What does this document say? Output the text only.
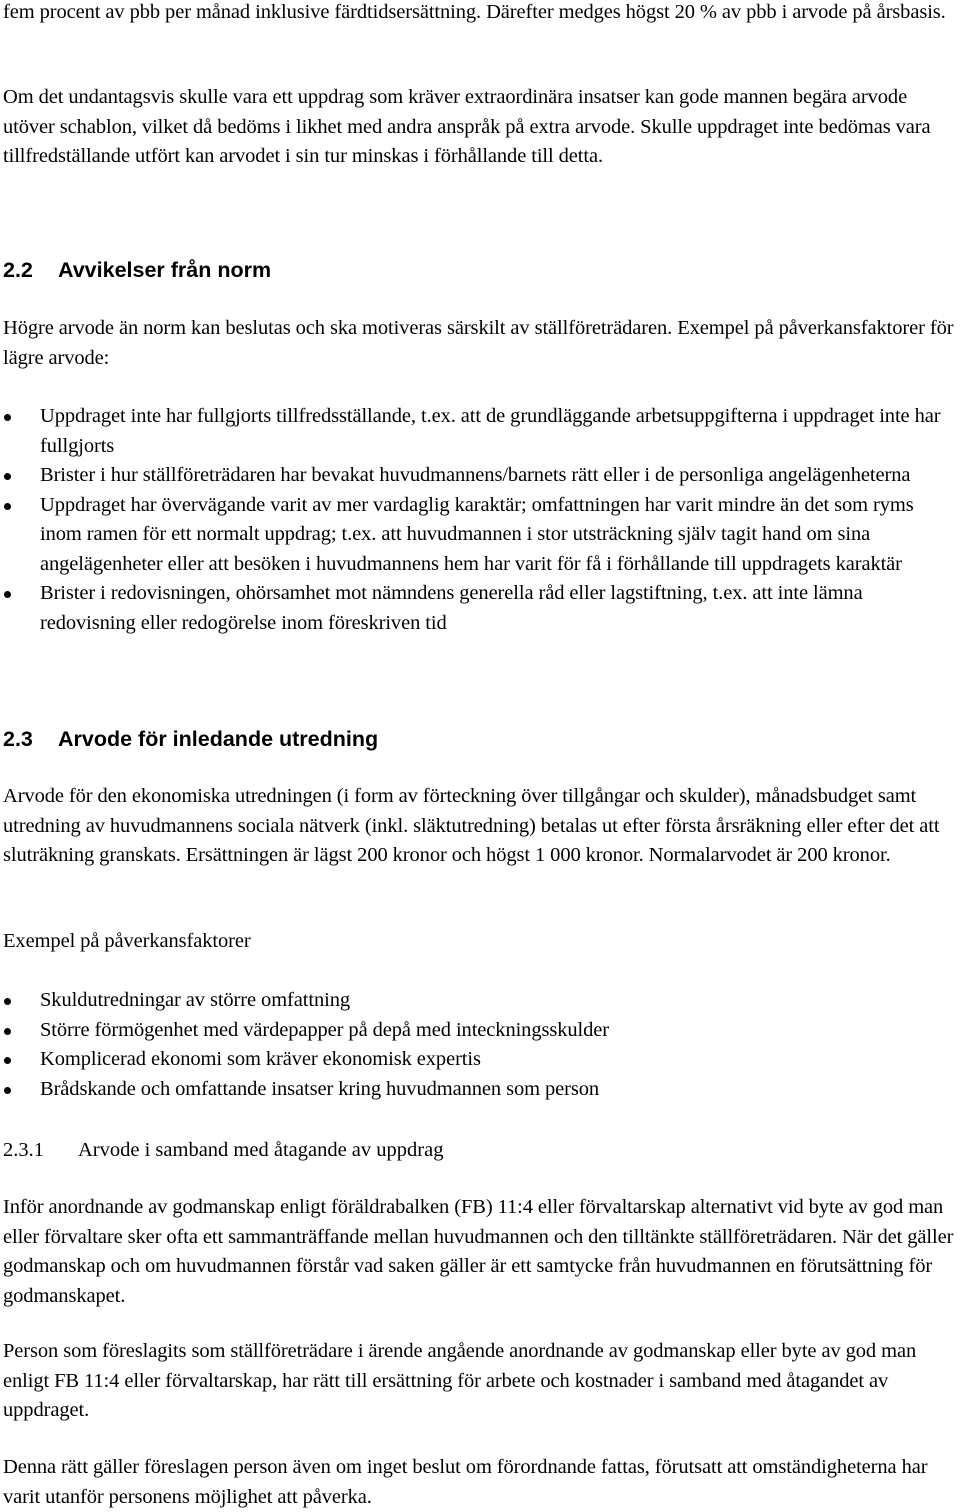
fem procent av pbb per månad inklusive färdtidsersättning. Därefter medges högst 20 % av pbb i arvode på årsbasis.

Om det undantagsvis skulle vara ett uppdrag som kräver extraordinära insatser kan gode mannen begära arvode utöver schablon, vilket då bedöms i likhet med andra anspråk på extra arvode. Skulle uppdraget inte bedömas vara tillfredställande utfört kan arvodet i sin tur minskas i förhållande till detta.

2.2 Avvikelser från norm

Högre arvode än norm kan beslutas och ska motiveras särskilt av ställföreträdaren. Exempel på påverkansfaktorer för lägre arvode:

Uppdraget inte har fullgjorts tillfredsställande, t.ex. att de grundläggande arbetsuppgifterna i uppdraget inte har fullgjorts
Brister i hur ställföreträdaren har bevakat huvudmannens/barnets rätt eller i de personliga angelägenheterna
Uppdraget har övervägande varit av mer vardaglig karaktär; omfattningen har varit mindre än det som ryms inom ramen för ett normalt uppdrag; t.ex. att huvudmannen i stor utsträckning själv tagit hand om sina angelägenheter eller att besöken i huvudmannens hem har varit för få i förhållande till uppdragets karaktär
Brister i redovisningen, ohörsamhet mot nämndens generella råd eller lagstiftning, t.ex. att inte lämna redovisning eller redogörelse inom föreskriven tid
2.3 Arvode för inledande utredning

Arvode för den ekonomiska utredningen (i form av förteckning över tillgångar och skulder), månadsbudget samt utredning av huvudmannens sociala nätverk (inkl. släktutredning) betalas ut efter första årsräkning eller efter det att sluträkning granskats. Ersättningen är lägst 200 kronor och högst 1 000 kronor. Normalarvodet är 200 kronor.

Exempel på påverkansfaktorer

Skuldutredningar av större omfattning
Större förmögenhet med värdepapper på depå med inteckningsskulder
Komplicerad ekonomi som kräver ekonomisk expertis
Brådskande och omfattande insatser kring huvudmannen som person
2.3.1 Arvode i samband med åtagande av uppdrag

Inför anordnande av godmanskap enligt föräldrabalken (FB) 11:4 eller förvaltarskap alternativt vid byte av god man eller förvaltare sker ofta ett sammanträffande mellan huvudmannen och den tilltänkte ställföreträdaren. När det gäller godmanskap och om huvudmannen förstår vad saken gäller är ett samtycke från huvudmannen en förutsättning för godmanskapet.

Person som föreslagits som ställföreträdare i ärende angående anordnande av godmanskap eller byte av god man enligt FB 11:4 eller förvaltarskap, har rätt till ersättning för arbete och kostnader i samband med åtagandet av uppdraget.

Denna rätt gäller föreslagen person även om inget beslut om förordnande fattas, förutsatt att omständigheterna har varit utanför personens möjlighet att påverka.
